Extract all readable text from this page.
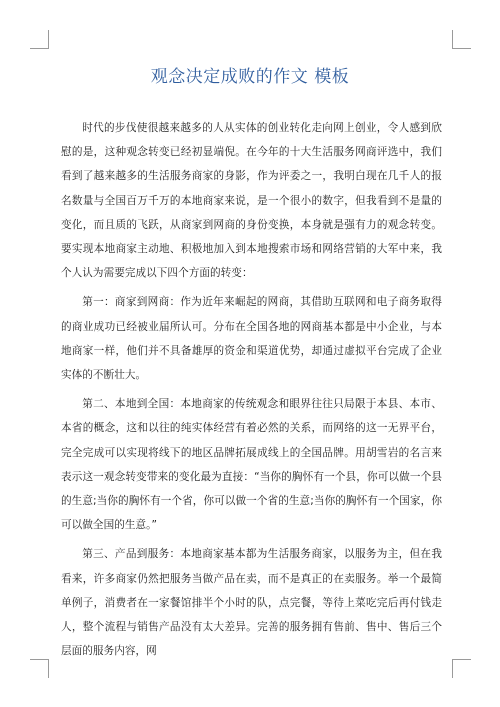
观念决定成败的作文 模板

时代的步伐使很越来越多的人从实体的创业转化走向网上创业，令人感到欣慰的是，这种观念转变已经初显端倪。在今年的十大生活服务网商评选中，我们看到了越来越多的生活服务商家的身影，作为评委之一，我明白现在几千人的报名数量与全国百万千万的本地商家来说，是一个很小的数字，但我看到不是量的变化，而且质的飞跃，从商家到网商的身份变换，本身就是强有力的观念转变。要实现本地商家主动地、积极地加入到本地搜索市场和网络营销的大军中来，我个人认为需要完成以下四个方面的转变：

第一：商家到网商：作为近年来崛起的网商，其借助互联网和电子商务取得的商业成功已经被业届所认可。分布在全国各地的网商基本都是中小企业，与本地商家一样，他们并不具备雄厚的资金和渠道优势，却通过虚拟平台完成了企业实体的不断壮大。

第二、本地到全国：本地商家的传统观念和眼界往往只局限于本县、本市、本省的概念，这和以往的纯实体经营有着必然的关系，而网络的这一无界平台，完全完成可以实现将线下的地区品牌拓展成线上的全国品牌。用胡雪岩的名言来表示这一观念转变带来的变化最为直接：“当你的胸怀有一个县，你可以做一个县的生意;当你的胸怀有一个省，你可以做一个省的生意;当你的胸怀有一个国家，你可以做全国的生意。”

第三、产品到服务：本地商家基本都为生活服务商家，以服务为主，但在我看来，许多商家仍然把服务当做产品在卖，而不是真正的在卖服务。举一个最简单例子，消费者在一家餐馆排半个小时的队，点完餐，等待上菜吃完后再付钱走人，整个流程与销售产品没有太大差异。完善的服务拥有售前、售中、售后三个层面的服务内容，网
